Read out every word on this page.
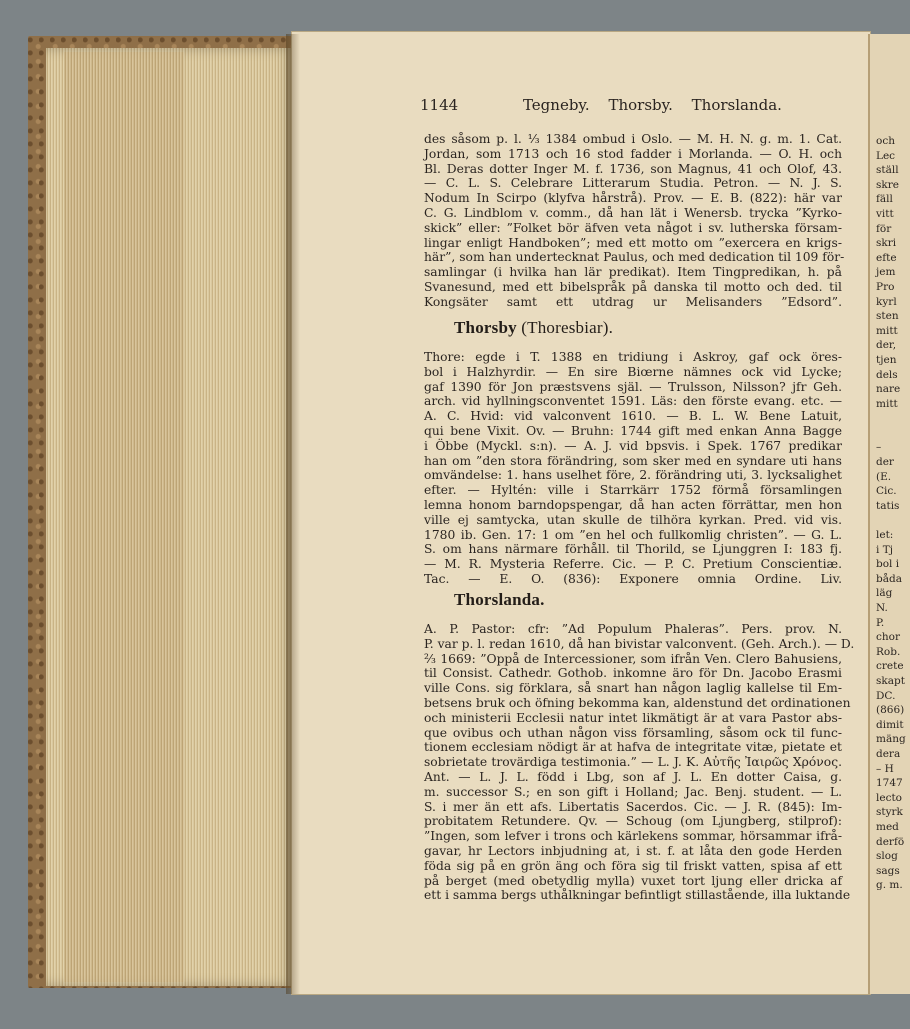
och
Lec
ställ
skre
fäll
vitt
för
skri
efte
jem
Pro
kyrl
sten
mitt
der,
tjen
dels
nare
mitt

–
der
(E.
Cic.
tatis

let:
i Tj
bol i
båda
läg
N.
P.
chor
Rob.
crete
skapt
DC.
(866)
dimit
mäng
dera
– H
1747
lecto
styrk
med
derfö
slog
sags
g. m.
1144	Tegneby. Thorsby. Thorslanda.

des såsom p. l. ⅓ 1384 ombud i Oslo. — M. H. N. g. m. 1. Cat.

Jordan, som 1713 och 16 stod fadder i Morlanda. — O. H. och

Bl. Deras dotter Inger M. f. 1736, son Magnus, 41 och Olof, 43.

— C. L. S. Celebrare Litterarum Studia. Petron. — N. J. S.

Nodum In Scirpo (klyfva hårstrå). Prov. — E. B. (822): här var

C. G. Lindblom v. comm., då han lät i Wenersb. trycka ”Kyrko-

skick” eller: ”Folket bör äfven veta något i sv. lutherska försam-

lingar enligt Handboken”; med ett motto om ”exercera en krigs-

här”, som han undertecknat Paulus, och med dedication til 109 för-

samlingar (i hvilka han lär predikat). Item Tingpredikan, h. på

Svanesund, med ett bibelspråk på danska til motto och ded. til

Kongsäter samt ett utdrag ur Melisanders ”Edsord”.

Thorsby (Thoresbiar).

Thore: egde i T. 1388 en tridiung i Askroy, gaf ock öres-

bol i Halzhyrdir. — En sire Biœrne nämnes ock vid Lycke;

gaf 1390 för Jon præstsvens själ. — Trulsson, Nilsson? jfr Geh.

arch. vid hyllningsconventet 1591. Läs: den förste evang. etc. —

A. C. Hvid: vid valconvent 1610. — B. L. W. Bene Latuit,

qui bene Vixit. Ov. — Bruhn: 1744 gift med enkan Anna Bagge

i Öbbe (Myckl. s:n). — A. J. vid bpsvis. i Spek. 1767 predikar

han om ”den stora förändring, som sker med en syndare uti hans

omvändelse: 1. hans uselhet före, 2. förändring uti, 3. lycksalighet

efter. — Hyltén: ville i Starrkärr 1752 förmå församlingen

lemna honom barndopspengar, då han acten förrättar, men hon

ville ej samtycka, utan skulle de tilhöra kyrkan. Pred. vid vis.

1780 ib. Gen. 17: 1 om ”en hel och fullkomlig christen”. — G. L.

S. om hans närmare förhåll. til Thorild, se Ljunggren I: 183 fj.

— M. R. Mysteria Referre. Cic. — P. C. Pretium Conscientiæ.

Tac. — E. O. (836): Exponere omnia Ordine. Liv.

Thorslanda.

A. P. Pastor: cfr: ”Ad Populum Phaleras”. Pers. prov. N.

P. var p. l. redan 1610, då han bivistar valconvent. (Geh. Arch.). — D.

²⁄₃ 1669: ”Oppå de Intercessioner, som ifrån Ven. Clero Bahusiens,

til Consist. Cathedr. Gothob. inkomne äro för Dn. Jacobo Erasmi

ville Cons. sig förklara, så snart han någon laglig kallelse til Em-

betsens bruk och öfning bekomma kan, aldenstund det ordinationen

och ministerii Ecclesii natur intet likmätigt är at vara Pastor abs-

que ovibus och uthan någon viss församling, såsom ock til func-

tionem ecclesiam nödigt är at hafva de integritate vitæ, pietate et

sobrietate trovärdiga testimonia.” — L. J. K. Αὐτῆς Ἰαιρῶς Χρόνος.

Ant. — L. J. L. född i Lbg, son af J. L. En dotter Caisa, g.

m. successor S.; en son gift i Holland; Jac. Benj. student. — L.

S. i mer än ett afs. Libertatis Sacerdos. Cic. — J. R. (845): Im-

probitatem Retundere. Qv. — Schoug (om Ljungberg, stilprof):

”Ingen, som lefver i trons och kärlekens sommar, hörsammar ifrå-

gavar, hr Lectors inbjudning at, i st. f. at låta den gode Herden

föda sig på en grön äng och föra sig til friskt vatten, spisa af ett

på berget (med obetydlig mylla) vuxet tort ljung eller dricka af

ett i samma bergs uthålkningar befintligt stillastående, illa luktande
